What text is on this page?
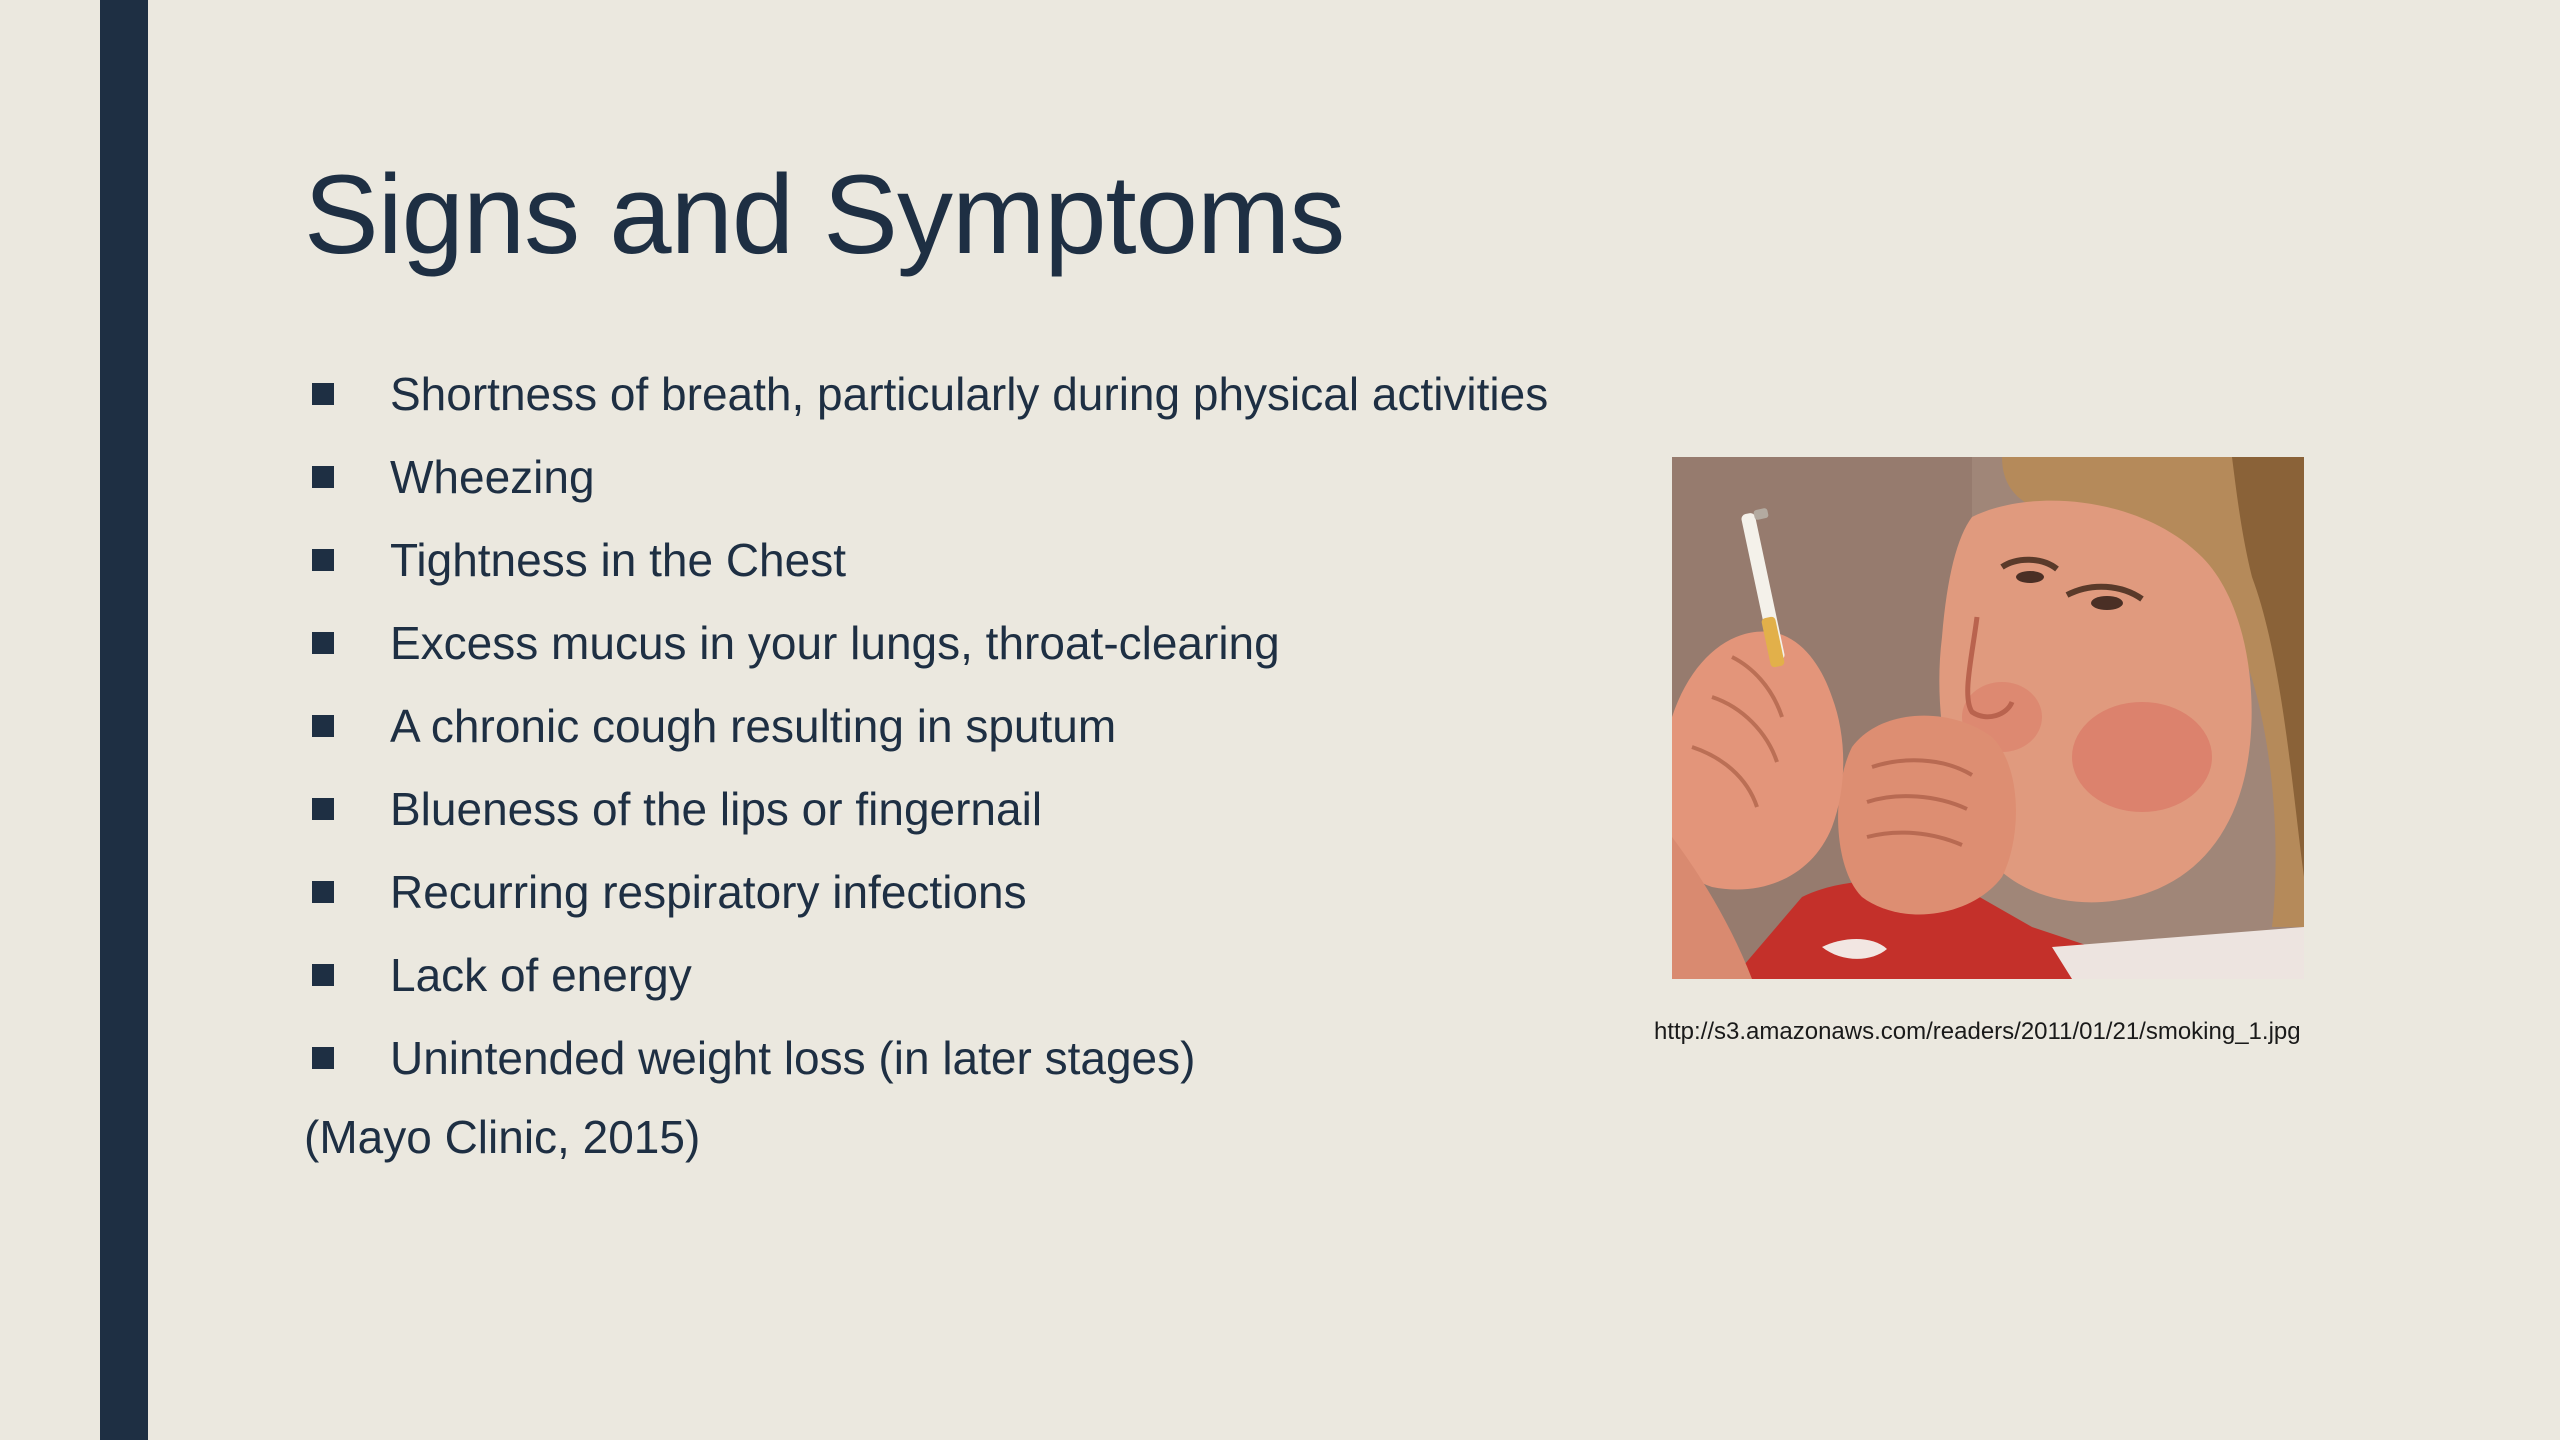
Signs and Symptoms
Shortness of breath, particularly during physical activities
Wheezing
Tightness in the Chest
Excess mucus in your lungs, throat-clearing
A chronic cough resulting in sputum
Blueness of the lips or fingernail
Recurring respiratory infections
Lack of energy
Unintended weight loss (in later stages)
(Mayo Clinic, 2015)
http://s3.amazonaws.com/readers/2011/01/21/smoking_1.jpg
